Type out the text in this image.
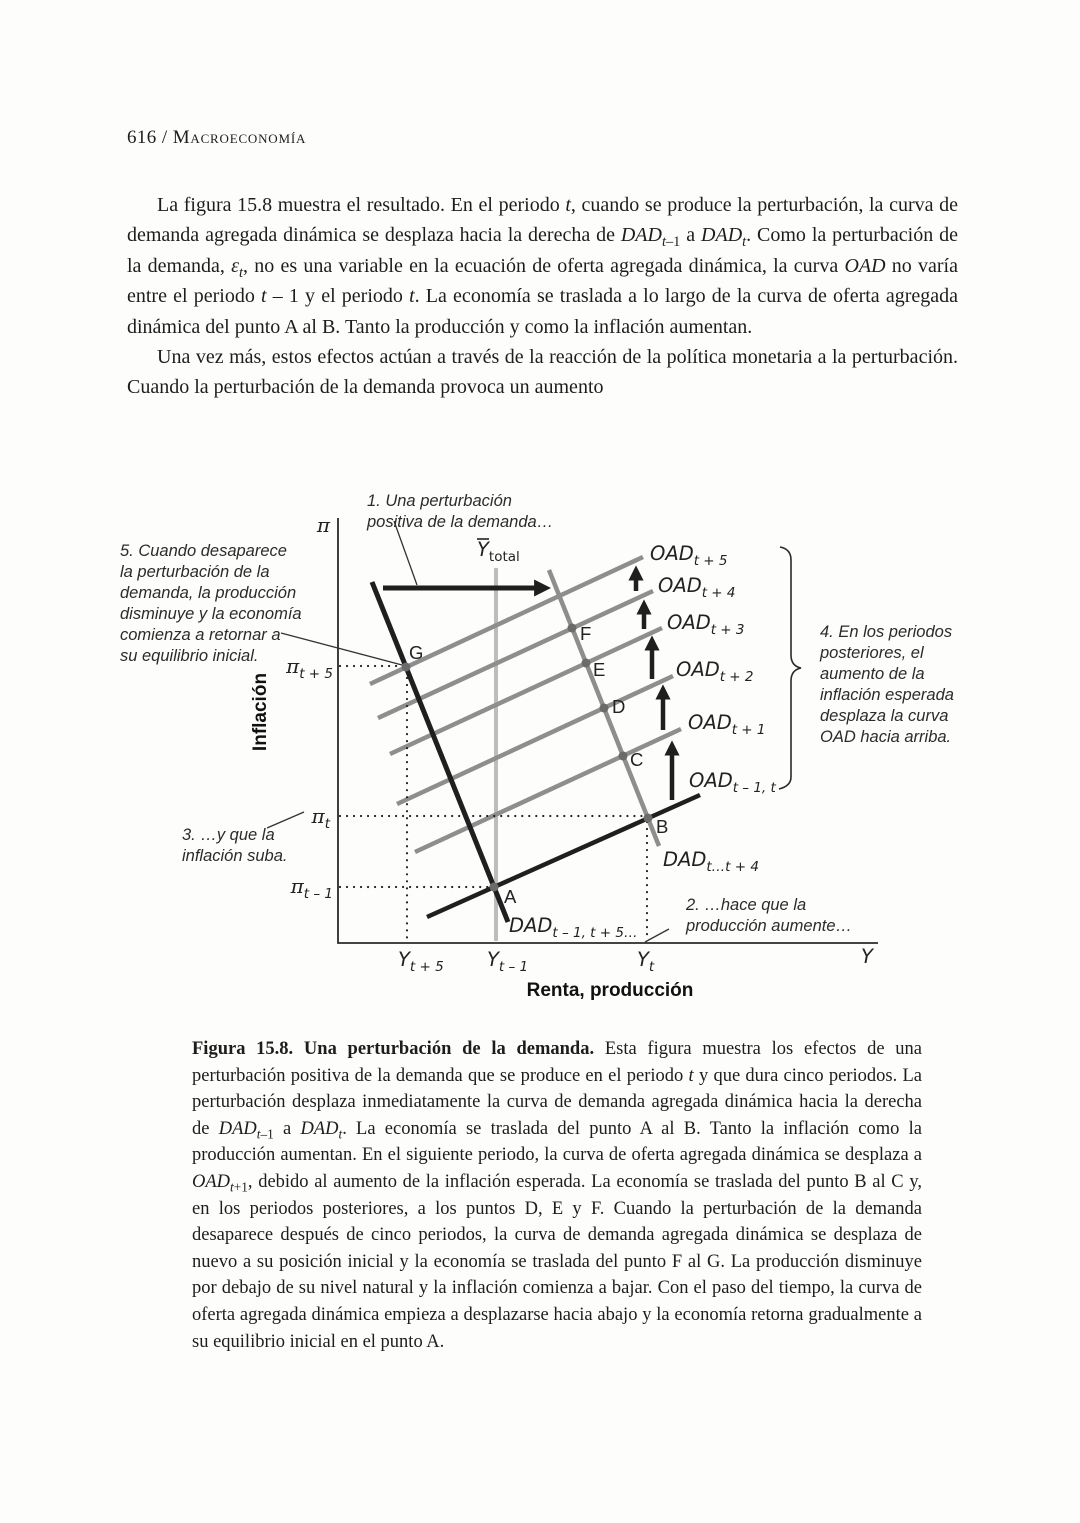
616 / Macroeconomía

La figura 15.8 muestra el resultado. En el periodo t, cuando se produce la perturbación, la curva de demanda agregada dinámica se desplaza hacia la derecha de $DAD_{t-1}$ a $DAD_t$. Como la perturbación de la demanda, $\varepsilon_t$, no es una variable en la ecuación de oferta agregada dinámica, la curva OAD no varía entre el periodo t – 1 y el periodo t. La economía se traslada a lo largo de la curva de oferta agregada dinámica del punto A al B. Tanto la producción y como la inflación aumentan.

Una vez más, estos efectos actúan a través de la reacción de la política monetaria a la perturbación. Cuando la perturbación de la demanda provoca un aumento

G
F
E
D
C
B
A
$OAD_{t + 5}$
$OAD_{t + 4}$
$OAD_{t + 3}$
$OAD_{t + 2}$
$OAD_{t + 1}$
$OAD_{t - 1, t}$
$DAD_{t\dots t + 4}$
$DAD_{t - 1, t + 5\dots}$
π
$\pi_{t + 5}$
$\pi_t$
$\pi_{t - 1}$
$Y_{t + 5}$ $Y_{t - 1}$	$Y_t$	Y
$Y_{total}$
Inflación
Renta, producción
1. Una perturbación
positiva de la demanda…
5. Cuando desaparece
la perturbación de la
demanda, la producción
disminuye y la economía
comienza a retornar a
su equilibrio inicial.
4. En los periodos
posteriores, el
aumento de la
inflación esperada
desplaza la curva
OAD hacia arriba.
3. …y que la
inflación suba.
2. …hace que la
producción aumente…
Figura 15.8. Una perturbación de la demanda. Esta figura muestra los efectos de una perturbación positiva de la demanda que se produce en el periodo t y que dura cinco periodos. La perturbación desplaza inmediatamente la curva de demanda agregada dinámica hacia la derecha de $DAD_{t-1}$ a $DAD_t$. La economía se traslada del punto A al B. Tanto la inflación como la producción aumentan. En el siguiente periodo, la curva de oferta agregada dinámica se desplaza a $OAD_{t+1}$, debido al aumento de la inflación esperada. La economía se traslada del punto B al C y, en los periodos posteriores, a los puntos D, E y F. Cuando la perturbación de la demanda desaparece después de cinco periodos, la curva de demanda agregada dinámica se desplaza de nuevo a su posición inicial y la economía se traslada del punto F al G. La producción disminuye por debajo de su nivel natural y la inflación comienza a bajar. Con el paso del tiempo, la curva de oferta agregada dinámica empieza a desplazarse hacia abajo y la economía retorna gradualmente a su equilibrio inicial en el punto A.
